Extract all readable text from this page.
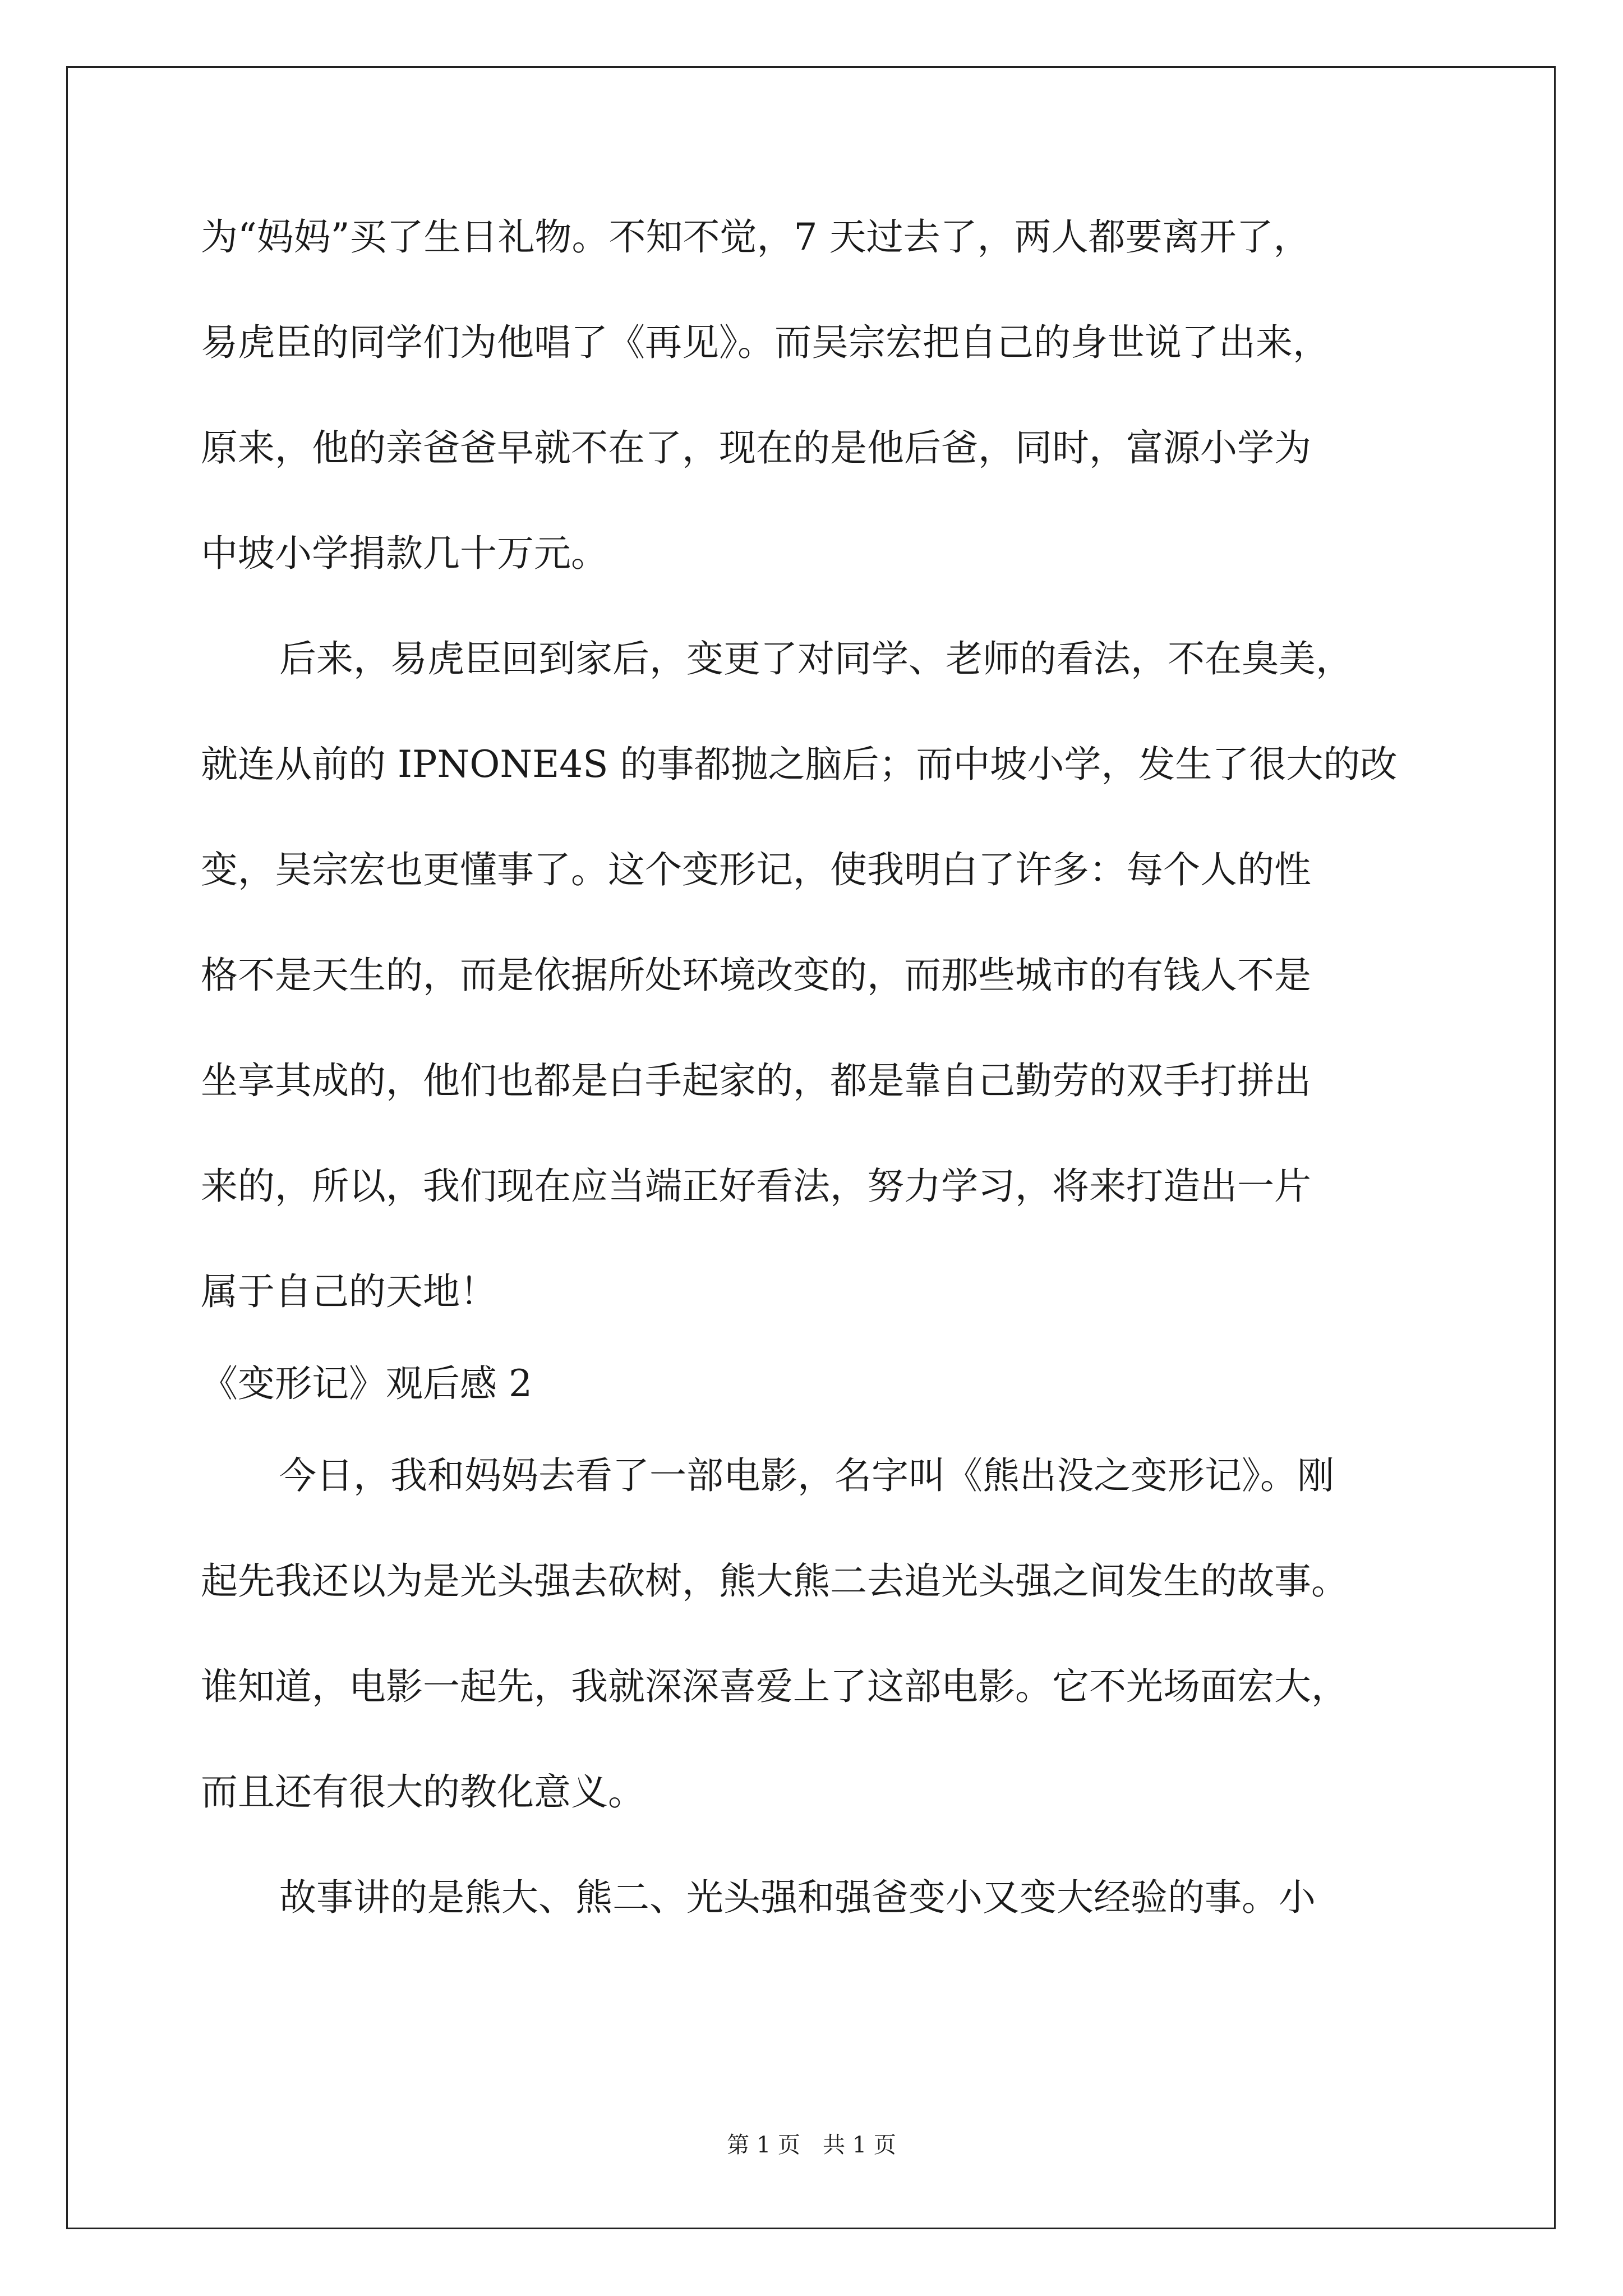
为“妈妈”买了生日礼物。不知不觉，7 天过去了，两人都要离开了，

易虎臣的同学们为他唱了《再见》。而吴宗宏把自己的身世说了出来，

原来，他的亲爸爸早就不在了，现在的是他后爸，同时，富源小学为

中坡小学捐款几十万元。

后来，易虎臣回到家后，变更了对同学、老师的看法，不在臭美，

就连从前的 IPNONE4S 的事都抛之脑后；而中坡小学，发生了很大的改

变，吴宗宏也更懂事了。这个变形记，使我明白了许多：每个人的性

格不是天生的，而是依据所处环境改变的，而那些城市的有钱人不是

坐享其成的，他们也都是白手起家的，都是靠自己勤劳的双手打拼出

来的，所以，我们现在应当端正好看法，努力学习，将来打造出一片

属于自己的天地！

《变形记》观后感 2

今日，我和妈妈去看了一部电影，名字叫《熊出没之变形记》。刚

起先我还以为是光头强去砍树，熊大熊二去追光头强之间发生的故事。

谁知道，电影一起先，我就深深喜爱上了这部电影。它不光场面宏大，

而且还有很大的教化意义。

故事讲的是熊大、熊二、光头强和强爸变小又变大经验的事。小

第 1 页 共 1 页
